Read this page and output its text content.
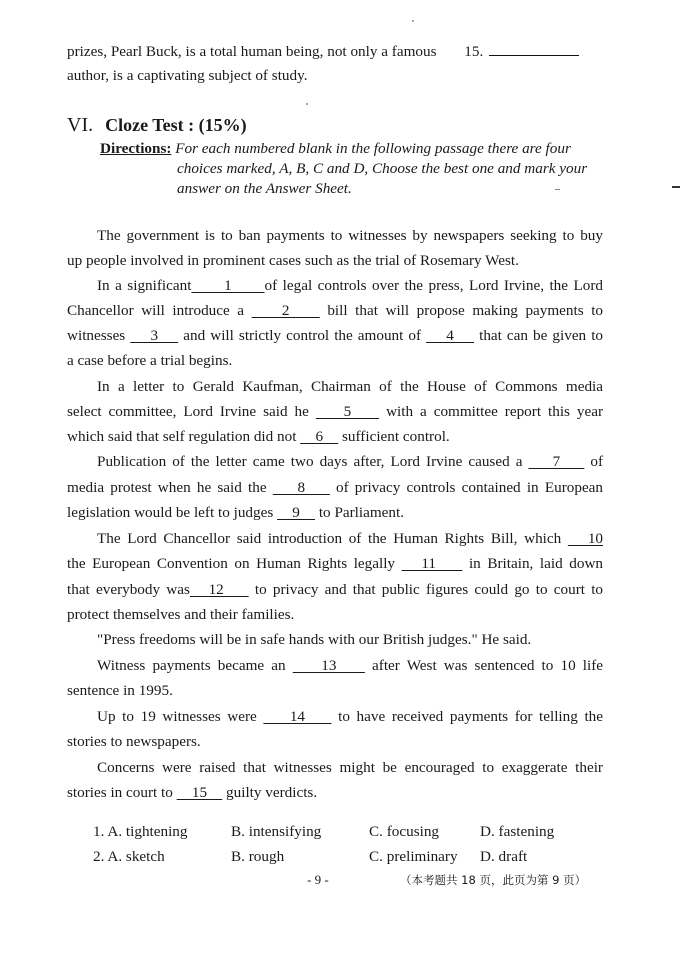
prizes, Pearl Buck, is a total human being, not only a famous 15.
author, is a captivating subject of study.
VI. Cloze Test : (15%)
Directions: For each numbered blank in the following passage there are four
choices marked, A, B, C and D, Choose the best one and mark your
answer on the Answer Sheet.
The government is to ban payments to witnesses by newspapers seeking to buy
up people involved in prominent cases such as the trial of Rosemary West.
In a significant      1      of legal controls over the press, Lord Irvine, the Lord
Chancellor will introduce a     2     bill that will propose making payments to
witnesses     3     and will strictly control the amount of     4     that can be given to
a case before a trial begins.
In a letter to Gerald Kaufman, Chairman of the House of Commons media
select committee, Lord Irvine said he     5     with a committee report this year
which said that self regulation did not     6     sufficient control.
Publication of the letter came two days after, Lord Irvine caused a     7     of
media protest when he said the     8     of privacy controls contained in European
legislation would be left to judges     9     to Parliament.
The Lord Chancellor said introduction of the Human Rights Bill, which    10
the European Convention on Human Rights legally    11     in Britain, laid down
that everybody was   12     to privacy and that public figures could go to court to
protect themselves and their families.
"Press freedoms will be in safe hands with our British judges." He said.
Witness payments became an     13     after West was sentenced to 10 life
sentence in 1995.
Up to 19 witnesses were     14     to have received payments for telling the
stories to newspapers.
Concerns were raised that witnesses might be encouraged to exaggerate their
stories in court to     15     guilty verdicts.
1. A. tightening	B. intensifying	C. focusing	D. fastening
2. A. sketch	B. rough	C. preliminary D. draft
- 9 -	（本考题共 18 页，此页为第 9 页）
